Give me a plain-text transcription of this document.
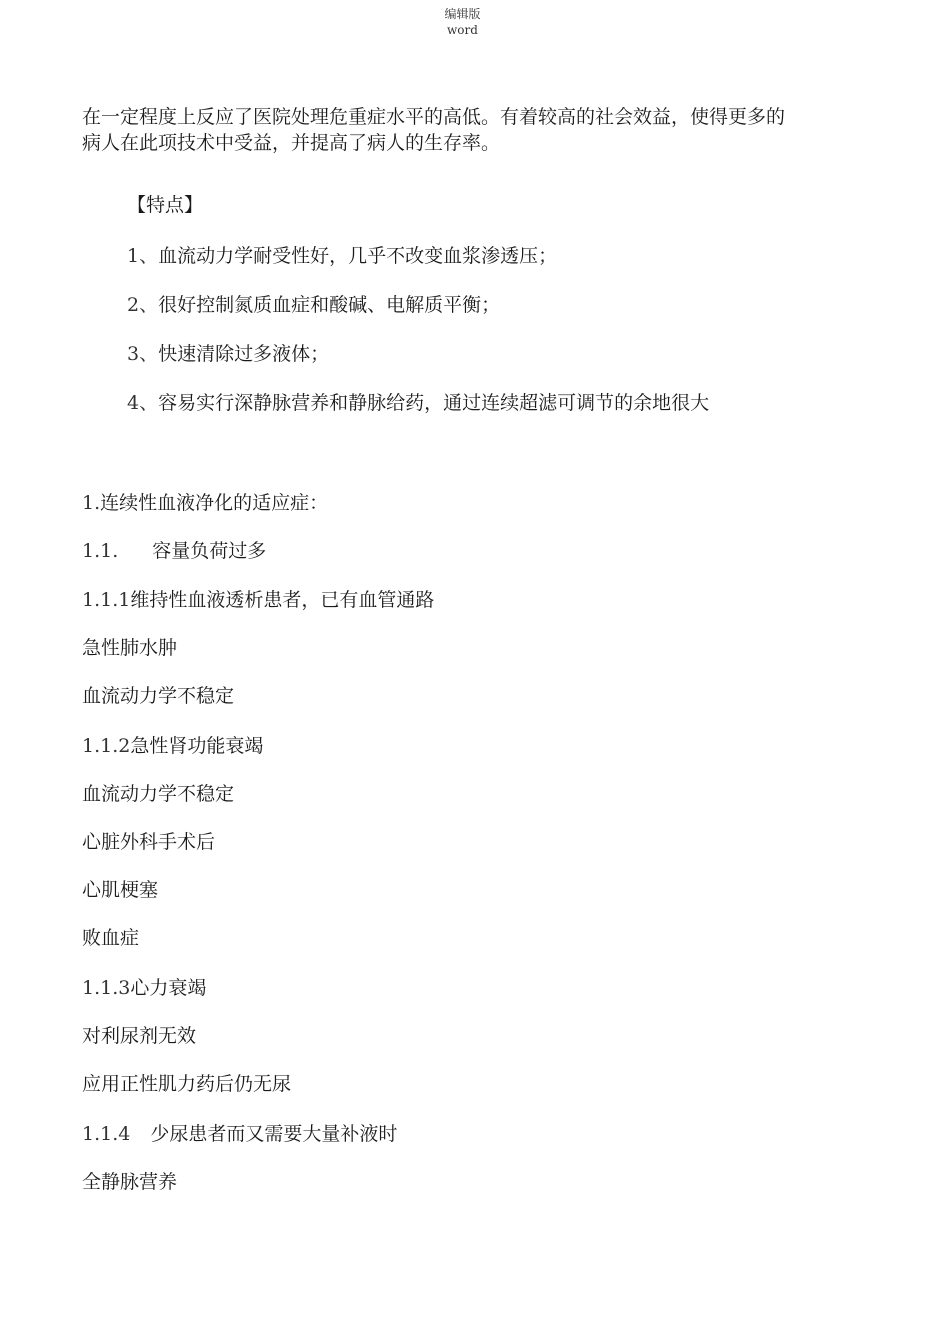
编辑版
word
在一定程度上反应了医院处理危重症水平的高低。有着较高的社会效益，使得更多的
病人在此项技术中受益，并提高了病人的生存率。
【特点】
1、血流动力学耐受性好，几乎不改变血浆渗透压；
2、很好控制氮质血症和酸碱、电解质平衡；
3、快速清除过多液体；
4、容易实行深静脉营养和静脉给药，通过连续超滤可调节的余地很大
1.连续性血液净化的适应症：
1.1. 容量负荷过多
1.1.1维持性血液透析患者，已有血管通路
急性肺水肿
血流动力学不稳定
1.1.2急性肾功能衰竭
血流动力学不稳定
心脏外科手术后
心肌梗塞
败血症
1.1.3心力衰竭
对利尿剂无效
应用正性肌力药后仍无尿
1.1.4 少尿患者而又需要大量补液时
全静脉营养
